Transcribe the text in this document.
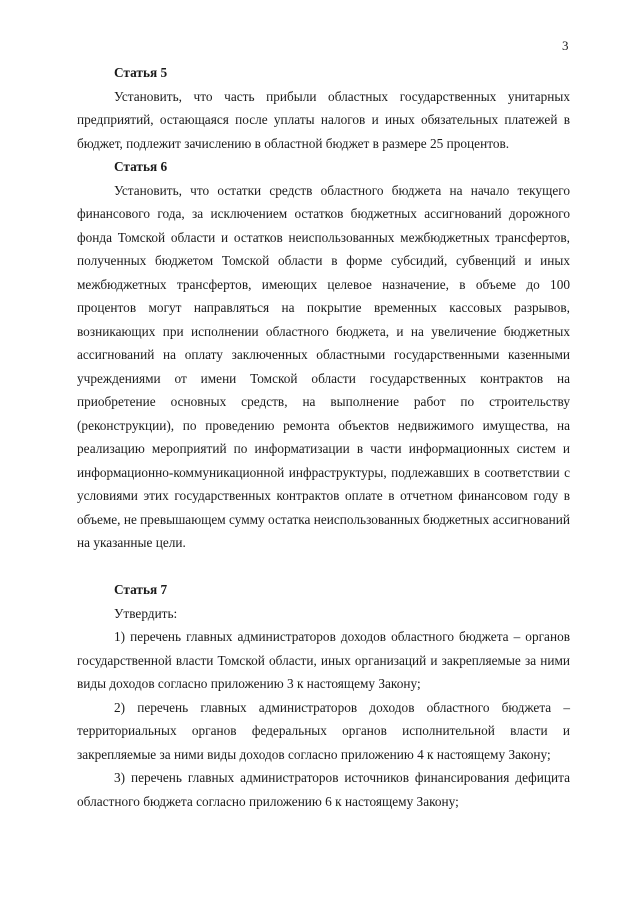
3

Статья 5

Установить, что часть прибыли областных государственных унитарных предприятий, остающаяся после уплаты налогов и иных обязательных платежей в бюджет, подлежит зачислению в областной бюджет в размере 25 процентов.

Статья 6

Установить, что остатки средств областного бюджета на начало текущего финансового года, за исключением остатков бюджетных ассигнований дорожного фонда Томской области и остатков неиспользованных межбюджетных трансфертов, полученных бюджетом Томской области в форме субсидий, субвенций и иных межбюджетных трансфертов, имеющих целевое назначение, в объеме до 100 процентов могут направляться на покрытие временных кассовых разрывов, возникающих при исполнении областного бюджета, и на увеличение бюджетных ассигнований на оплату заключенных областными государственными казенными учреждениями от имени Томской области государственных контрактов на приобретение основных средств, на выполнение работ по строительству (реконструкции), по проведению ремонта объектов недвижимого имущества, на реализацию мероприятий по информатизации в части информационных систем и информационно-коммуникационной инфраструктуры, подлежавших в соответствии с условиями этих государственных контрактов оплате в отчетном финансовом году в объеме, не превышающем сумму остатка неиспользованных бюджетных ассигнований на указанные цели.

Статья 7

Утвердить:

1) перечень главных администраторов доходов областного бюджета – органов государственной власти Томской области, иных организаций и закрепляемые за ними виды доходов согласно приложению 3 к настоящему Закону;

2) перечень главных администраторов доходов областного бюджета – территориальных органов федеральных органов исполнительной власти и закрепляемые за ними виды доходов согласно приложению 4 к настоящему Закону;

3) перечень главных администраторов источников финансирования дефицита областного бюджета согласно приложению 6 к настоящему Закону;
